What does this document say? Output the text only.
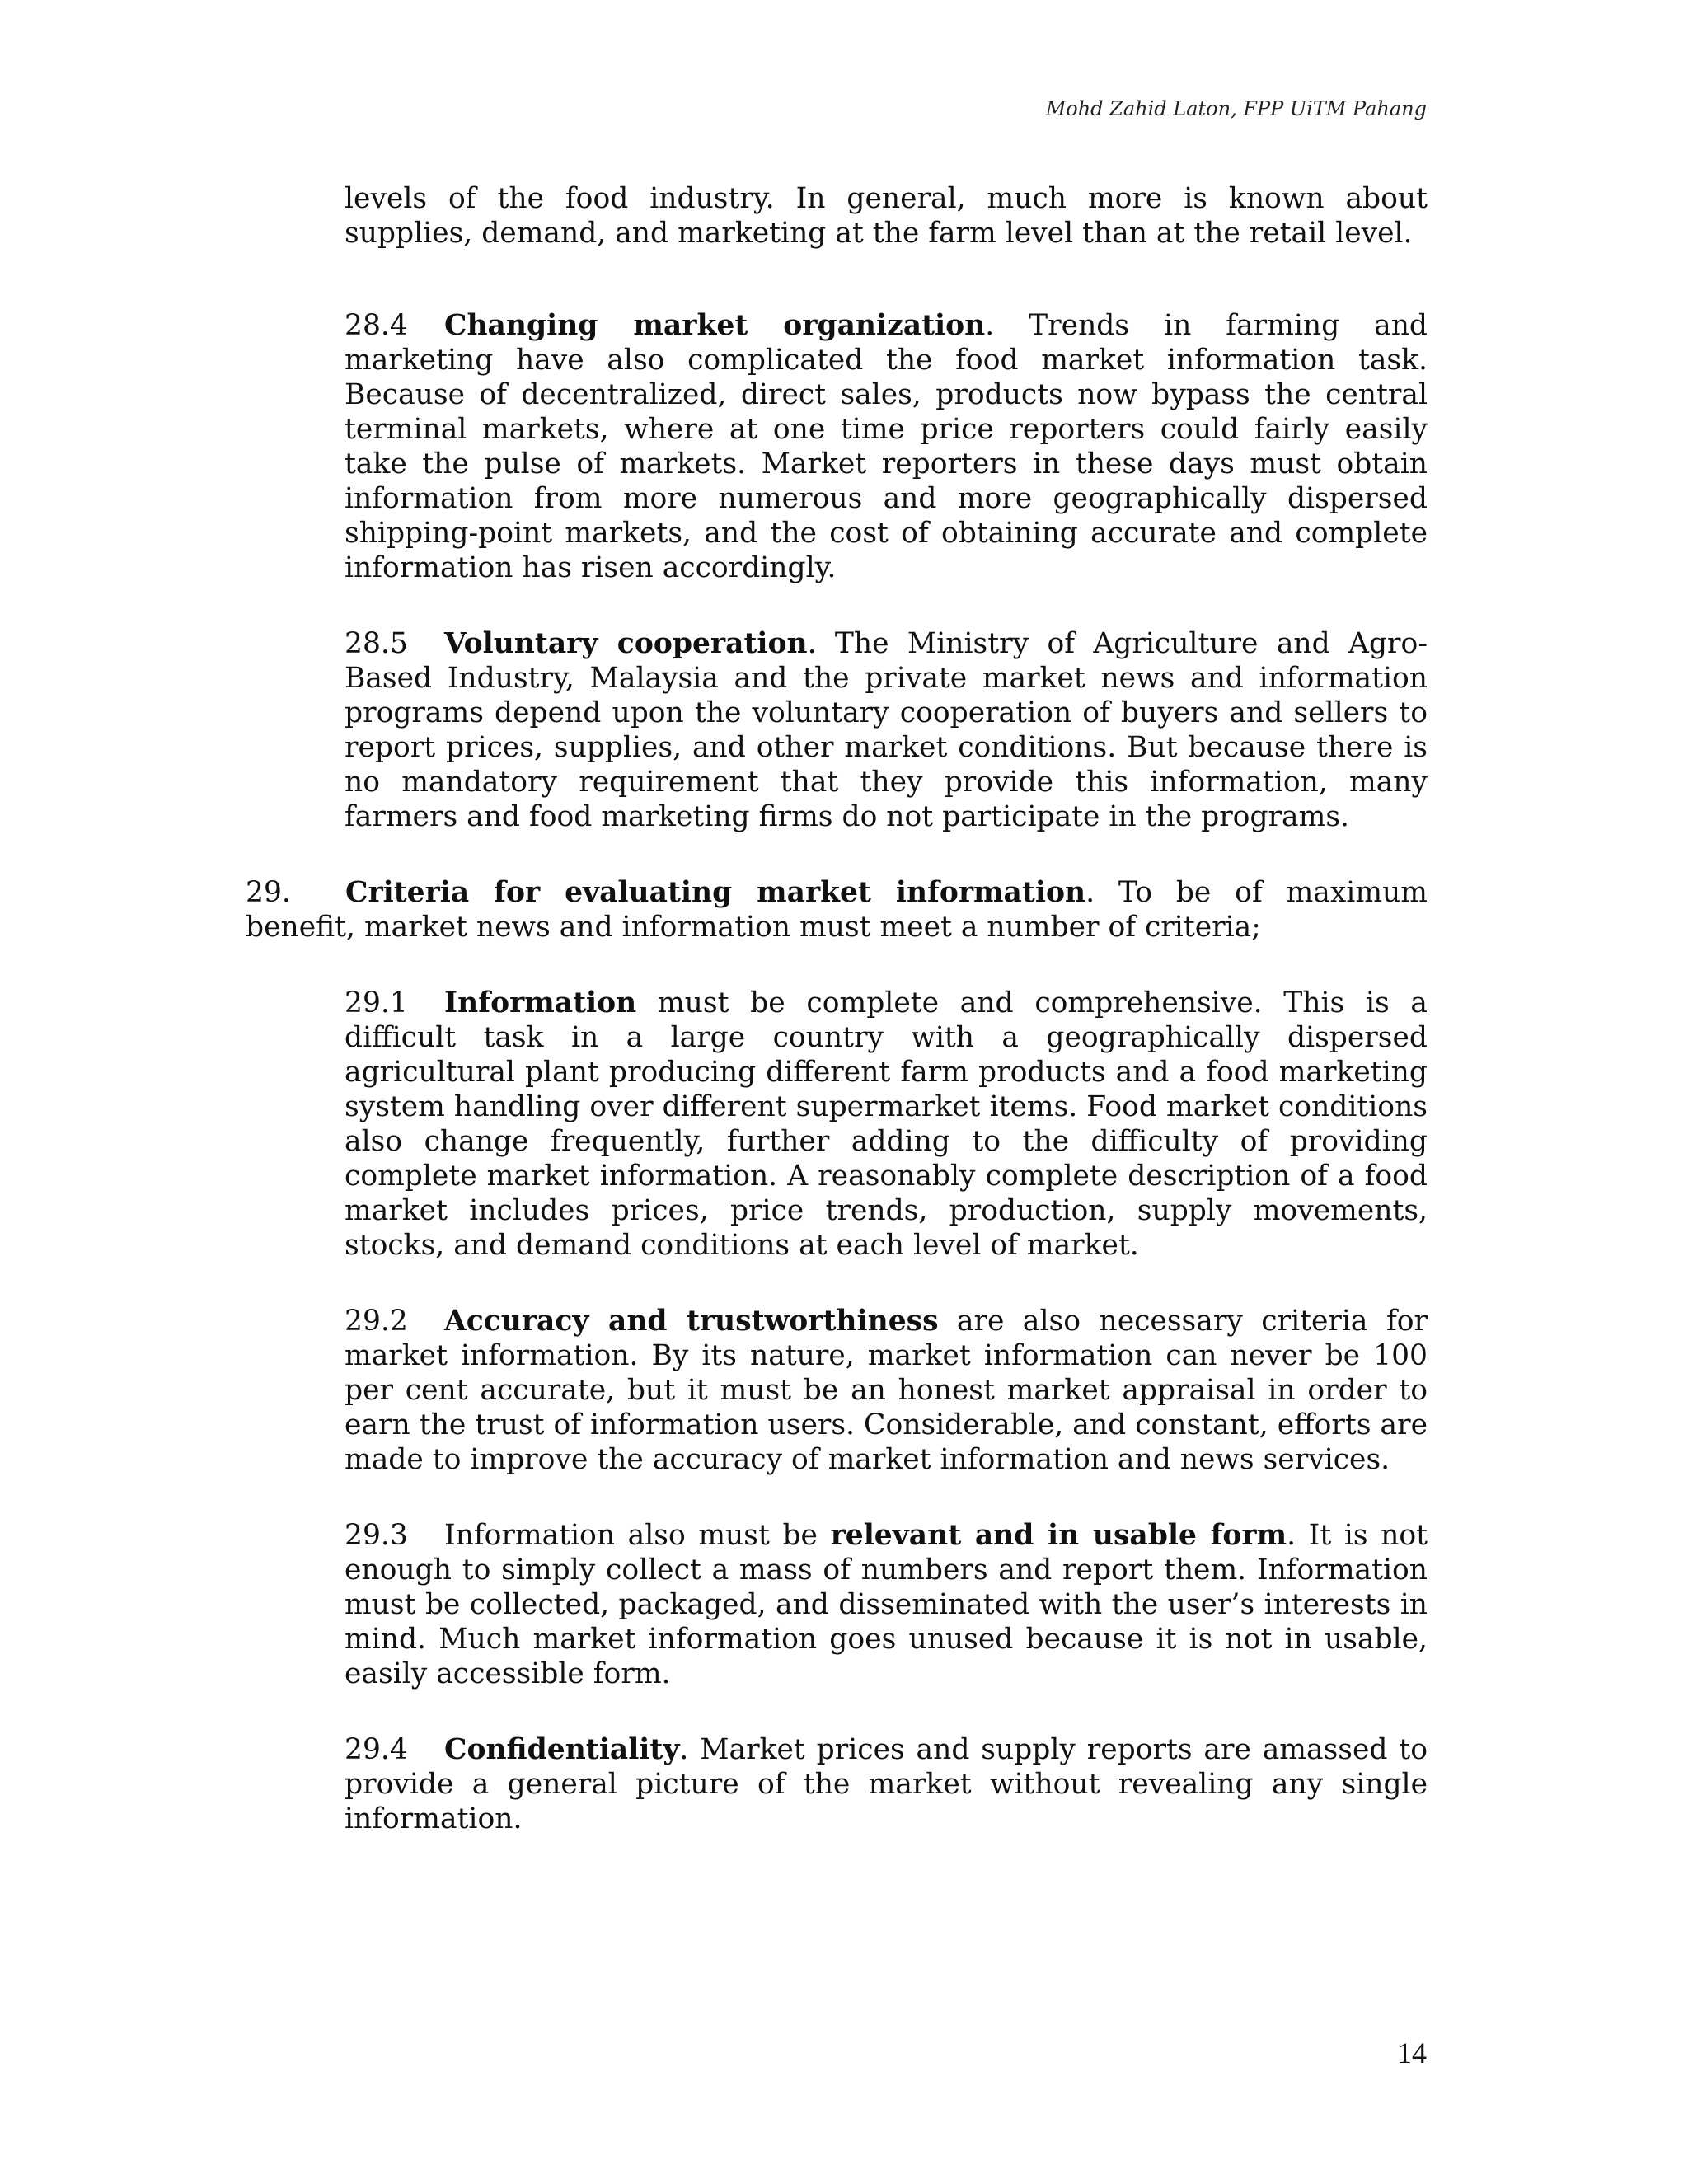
Mohd Zahid Laton, FPP UiTM Pahang

levels of the food industry. In general, much more is known about supplies, demand, and marketing at the farm level than at the retail level.

28.4 Changing market organization. Trends in farming and marketing have also complicated the food market information task. Because of decentralized, direct sales, products now bypass the central terminal markets, where at one time price reporters could fairly easily take the pulse of markets. Market reporters in these days must obtain information from more numerous and more geographically dispersed shipping-point markets, and the cost of obtaining accurate and complete information has risen accordingly.

28.5 Voluntary cooperation. The Ministry of Agriculture and Agro-Based Industry, Malaysia and the private market news and information programs depend upon the voluntary cooperation of buyers and sellers to report prices, supplies, and other market conditions. But because there is no mandatory requirement that they provide this information, many farmers and food marketing firms do not participate in the programs.

29. Criteria for evaluating market information. To be of maximum benefit, market news and information must meet a number of criteria;

29.1 Information must be complete and comprehensive. This is a difficult task in a large country with a geographically dispersed agricultural plant producing different farm products and a food marketing system handling over different supermarket items. Food market conditions also change frequently, further adding to the difficulty of providing complete market information. A reasonably complete description of a food market includes prices, price trends, production, supply movements, stocks, and demand conditions at each level of market.

29.2 Accuracy and trustworthiness are also necessary criteria for market information. By its nature, market information can never be 100 per cent accurate, but it must be an honest market appraisal in order to earn the trust of information users. Considerable, and constant, efforts are made to improve the accuracy of market information and news services.

29.3 Information also must be relevant and in usable form. It is not enough to simply collect a mass of numbers and report them. Information must be collected, packaged, and disseminated with the user’s interests in mind. Much market information goes unused because it is not in usable, easily accessible form.

29.4 Confidentiality. Market prices and supply reports are amassed to provide a general picture of the market without revealing any single information.

14
